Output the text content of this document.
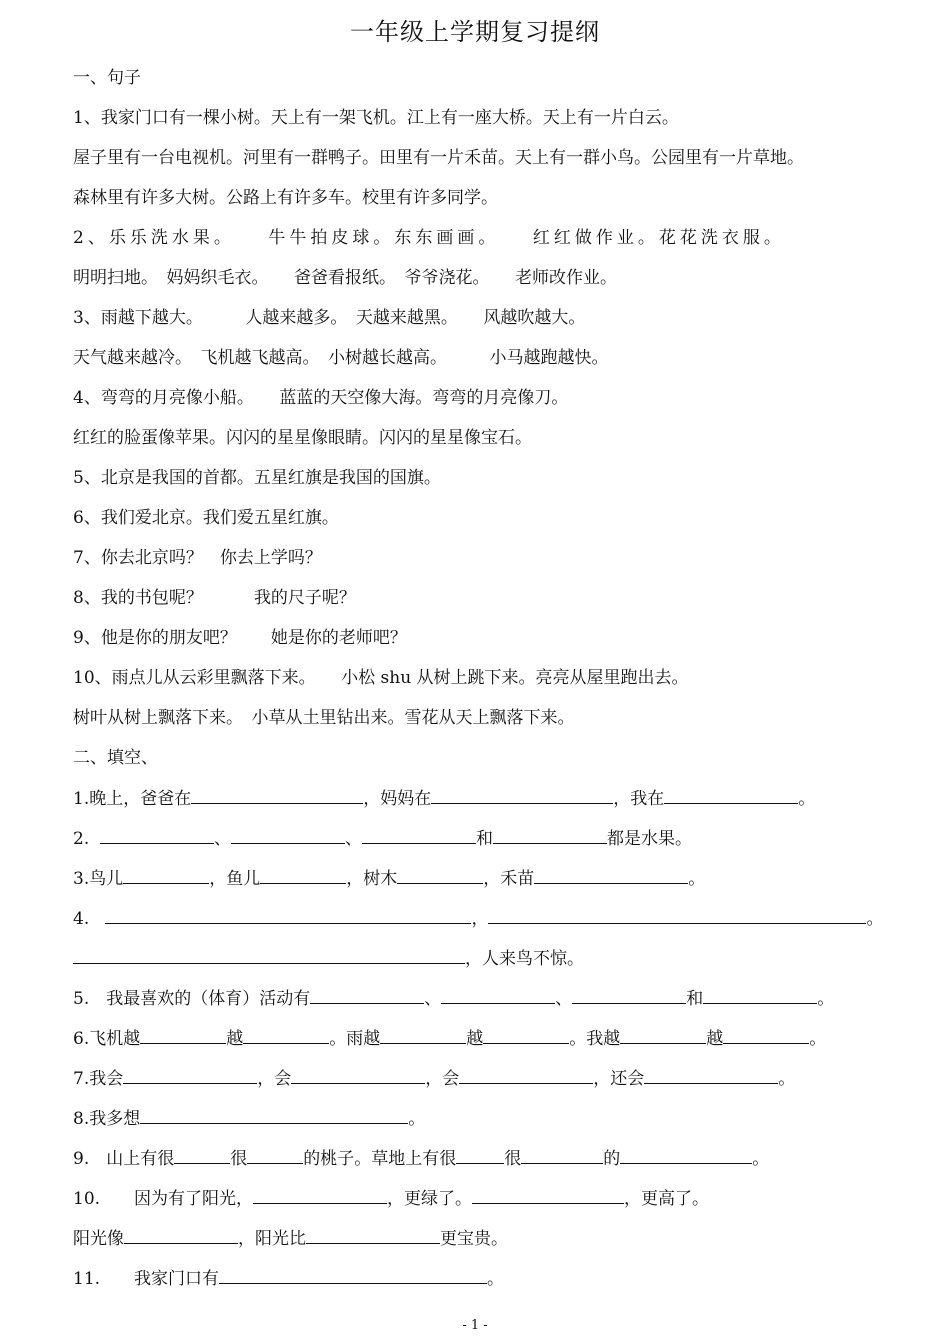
一年级上学期复习提纲
一、句子
1、我家门口有一棵小树。天上有一架飞机。江上有一座大桥。天上有一片白云。
屋子里有一台电视机。河里有一群鸭子。田里有一片禾苗。天上有一群小鸟。公园里有一片草地。
森林里有许多大树。公路上有许多车。校里有许多同学。
2、乐乐洗水果。　　牛牛拍皮球。东东画画。　　红红做作业。花花洗衣服。
明明扫地。　妈妈织毛衣。　　爸爸看报纸。　爷爷浇花。　　老师改作业。
3、雨越下越大。　　　人越来越多。　天越来越黑。　　风越吹越大。
天气越来越冷。　飞机越飞越高。　小树越长越高。　　　小马越跑越快。
4、弯弯的月亮像小船。　　蓝蓝的天空像大海。弯弯的月亮像刀。
红红的脸蛋像苹果。闪闪的星星像眼睛。闪闪的星星像宝石。
5、北京是我国的首都。五星红旗是我国的国旗。
6、我们爱北京。我们爱五星红旗。
7、你去北京吗？　你去上学吗？
8、我的书包呢？　　　我的尺子呢？
9、他是你的朋友吧？　　她是你的老师吧？
10、雨点儿从云彩里飘落下来。　　小松 shu 从树上跳下来。亮亮从屋里跑出去。
树叶从树上飘落下来。　小草从土里钻出来。雪花从天上飘落下来。
二、填空、
1.晚上，爸爸在	，妈妈在	，我在	。
2.	、	、	和	都是水果。
3.鸟儿	，鱼儿	，树木	，禾苗	。
4.	，	。
，人来鸟不惊。
5.　我最喜欢的（体育）活动有	、	、	和	。
6.飞机越	越	。雨越	越	。我越	越	。
7.我会	，会	，会	，还会	。
8.我多想	。
9.　山上有很	很	的桃子。草地上有很	很	的	。
10.　　因为有了阳光，	，更绿了。	，更高了。
阳光像	，阳光比	更宝贵。
11.　　我家门口有	。
- 1 -
